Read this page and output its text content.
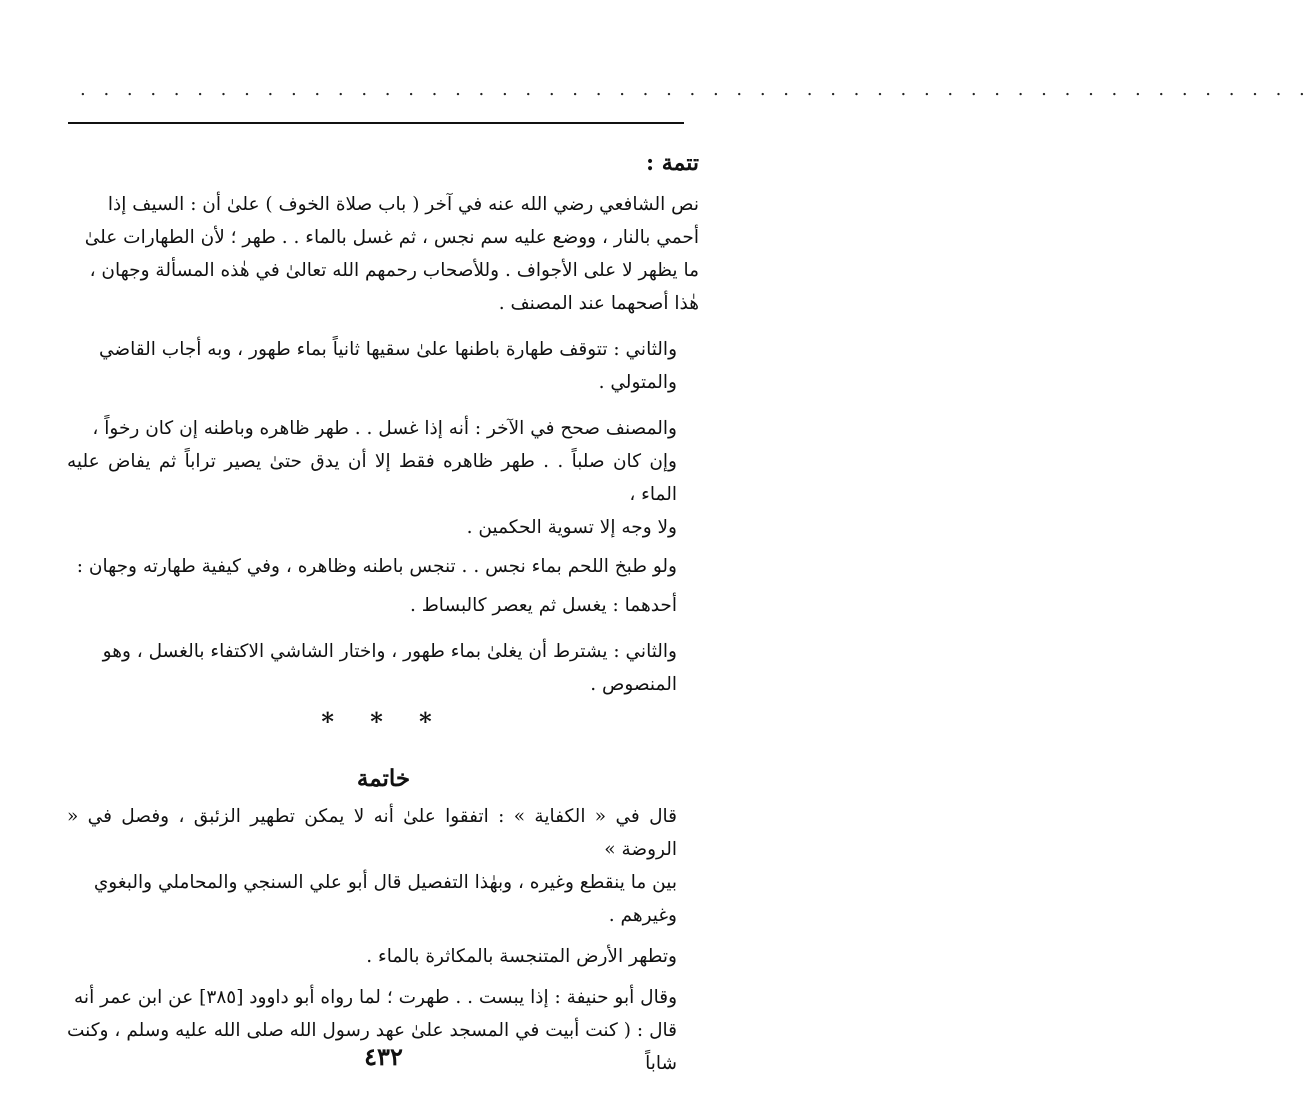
. . . . . . . . . . . . . . . . . . . . . . . . . . . . . . . . . . . . . . . . . . . . . . . . . . . . .
تتمة :

نص الشافعي رضي الله عنه في آخر ( باب صلاة الخوف ) علىٰ أن : السيف إذا
أحمي بالنار ، ووضع عليه سم نجس ، ثم غسل بالماء . . طهر ؛ لأن الطهارات علىٰ
ما يظهر لا على الأجواف . وللأصحاب رحمهم الله تعالىٰ في هٰذه المسألة وجهان ،
هٰذا أصحهما عند المصنف .

والثاني : تتوقف طهارة باطنها علىٰ سقيها ثانياً بماء طهور ، وبه أجاب القاضي
والمتولي .

والمصنف صحح في الآخر : أنه إذا غسل . . طهر ظاهره وباطنه إن كان رخواً ،
وإن كان صلباً . . طهر ظاهره فقط إلا أن يدق حتىٰ يصير تراباً ثم يفاض عليه الماء ،
ولا وجه إلا تسوية الحكمين .

ولو طبخ اللحم بماء نجس . . تنجس باطنه وظاهره ، وفي كيفية طهارته وجهان :

أحدهما : يغسل ثم يعصر كالبساط .

والثاني : يشترط أن يغلىٰ بماء طهور ، واختار الشاشي الاكتفاء بالغسل ، وهو
المنصوص .

* * *
خاتمة

قال في « الكفاية » : اتفقوا علىٰ أنه لا يمكن تطهير الزئبق ، وفصل في « الروضة »
بين ما ينقطع وغيره ، وبهٰذا التفصيل قال أبو علي السنجي والمحاملي والبغوي
وغيرهم .

وتطهر الأرض المتنجسة بالمكاثرة بالماء .

وقال أبو حنيفة : إذا يبست . . طهرت ؛ لما رواه أبو داوود [٣٨٥] عن ابن عمر أنه
قال : ( كنت أبيت في المسجد علىٰ عهد رسول الله صلى الله عليه وسلم ، وكنت شاباً

٤٣٢
